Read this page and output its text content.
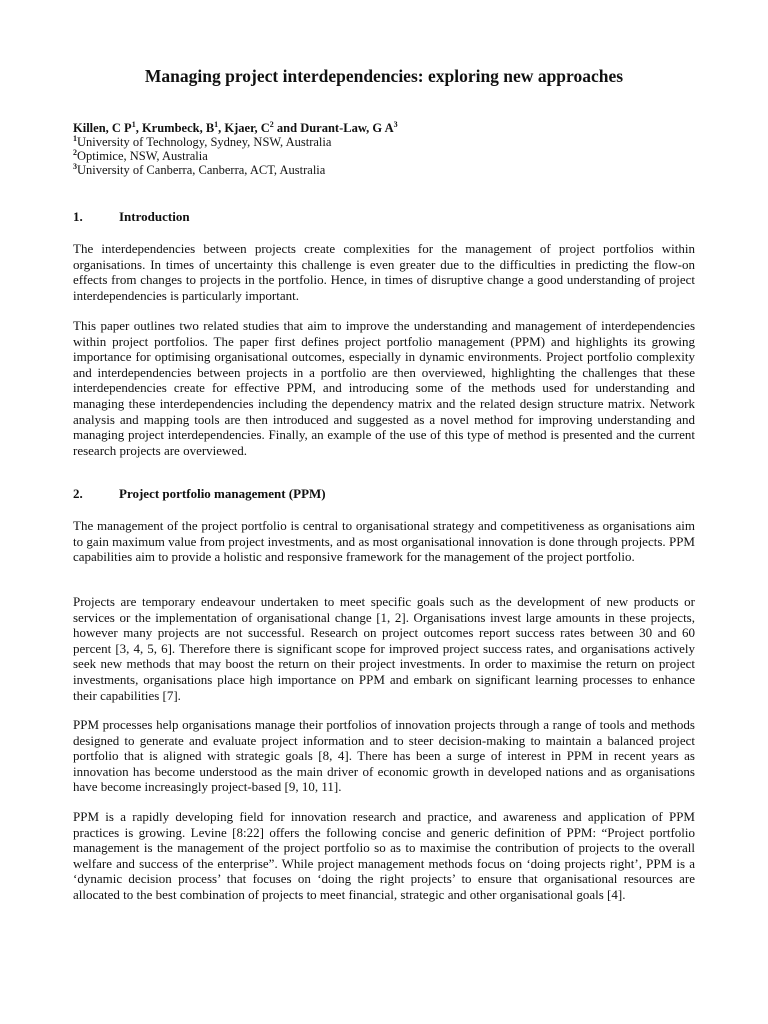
Managing project interdependencies: exploring new approaches
Killen, C $P^1$, Krumbeck, $B^1$, Kjaer, $C^2$ and Durant-Law, G $A^3$
$^1$University of Technology, Sydney, NSW, Australia
$^2$Optimice, NSW, Australia
$^3$University of Canberra, Canberra, ACT, Australia
1.	Introduction

The interdependencies between projects create complexities for the management of project portfolios within organisations. In times of uncertainty this challenge is even greater due to the difficulties in predicting the flow-on effects from changes to projects in the portfolio. Hence, in times of disruptive change a good understanding of project interdependencies is particularly important.

This paper outlines two related studies that aim to improve the understanding and management of interdependencies within project portfolios. The paper first defines project portfolio management (PPM) and highlights its growing importance for optimising organisational outcomes, especially in dynamic environments. Project portfolio complexity and interdependencies between projects in a portfolio are then overviewed, highlighting the challenges that these interdependencies create for effective PPM, and introducing some of the methods used for understanding and managing these interdependencies including the dependency matrix and the related design structure matrix. Network analysis and mapping tools are then introduced and suggested as a novel method for improving understanding and managing project interdependencies. Finally, an example of the use of this type of method is presented and the current research projects are overviewed.

2.	Project portfolio management (PPM)

The management of the project portfolio is central to organisational strategy and competitiveness as organisations aim to gain maximum value from project investments, and as most organisational innovation is done through projects. PPM capabilities aim to provide a holistic and responsive framework for the management of the project portfolio.

Projects are temporary endeavour undertaken to meet specific goals such as the development of new products or services or the implementation of organisational change [1, 2]. Organisations invest large amounts in these projects, however many projects are not successful. Research on project outcomes report success rates between 30 and 60 percent [3, 4, 5, 6]. Therefore there is significant scope for improved project success rates, and organisations actively seek new methods that may boost the return on their project investments. In order to maximise the return on project investments, organisations place high importance on PPM and embark on significant learning processes to enhance their capabilities [7].

PPM processes help organisations manage their portfolios of innovation projects through a range of tools and methods designed to generate and evaluate project information and to steer decision-making to maintain a balanced project portfolio that is aligned with strategic goals [8, 4]. There has been a surge of interest in PPM in recent years as innovation has become understood as the main driver of economic growth in developed nations and as organisations have become increasingly project-based [9, 10, 11].

PPM is a rapidly developing field for innovation research and practice, and awareness and application of PPM practices is growing. Levine [8:22] offers the following concise and generic definition of PPM: “Project portfolio management is the management of the project portfolio so as to maximise the contribution of projects to the overall welfare and success of the enterprise”. While project management methods focus on ‘doing projects right’, PPM is a ‘dynamic decision process’ that focuses on ‘doing the right projects’ to ensure that organisational resources are allocated to the best combination of projects to meet financial, strategic and other organisational goals [4].
